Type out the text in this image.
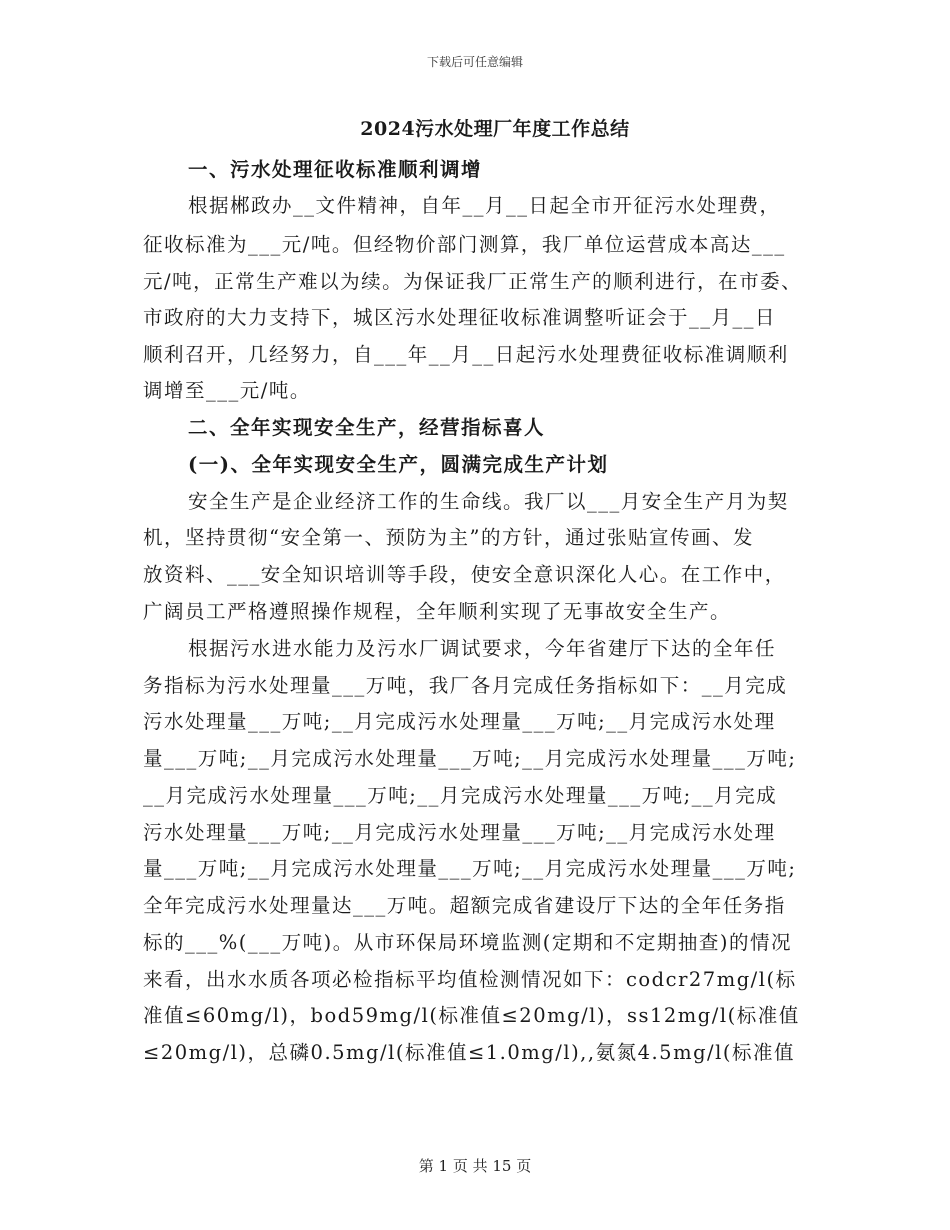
下载后可任意编辑
2024污水处理厂年度工作总结
一、污水处理征收标准顺利调增
根据郴政办__文件精神，自年__月__日起全市开征污水处理费，
征收标准为___元/吨。但经物价部门测算，我厂单位运营成本高达___
元/吨，正常生产难以为续。为保证我厂正常生产的顺利进行，在市委、
市政府的大力支持下，城区污水处理征收标准调整听证会于__月__日
顺利召开，几经努力，自___年__月__日起污水处理费征收标准调顺利
调增至___元/吨。
二、全年实现安全生产，经营指标喜人
(一)、全年实现安全生产，圆满完成生产计划
安全生产是企业经济工作的生命线。我厂以___月安全生产月为契
机，坚持贯彻“安全第一、预防为主”的方针，通过张贴宣传画、发
放资料、___安全知识培训等手段，使安全意识深化人心。在工作中，
广阔员工严格遵照操作规程，全年顺利实现了无事故安全生产。
根据污水进水能力及污水厂调试要求，今年省建厅下达的全年任
务指标为污水处理量___万吨，我厂各月完成任务指标如下：__月完成
污水处理量___万吨;__月完成污水处理量___万吨;__月完成污水处理
量___万吨;__月完成污水处理量___万吨;__月完成污水处理量___万吨;
__月完成污水处理量___万吨;__月完成污水处理量___万吨;__月完成
污水处理量___万吨;__月完成污水处理量___万吨;__月完成污水处理
量___万吨;__月完成污水处理量___万吨;__月完成污水处理量___万吨;
全年完成污水处理量达___万吨。超额完成省建设厅下达的全年任务指
标的___%(___万吨)。从市环保局环境监测(定期和不定期抽查)的情况
来看，出水水质各项必检指标平均值检测情况如下：codcr27mg/l(标
准值≤60mg/l)，bod59mg/l(标准值≤20mg/l)，ss12mg/l(标准值
≤20mg/l)，总磷0.5mg/l(标准值≤1.0mg/l),,氨氮4.5mg/l(标准值
第 1 页 共 15 页
